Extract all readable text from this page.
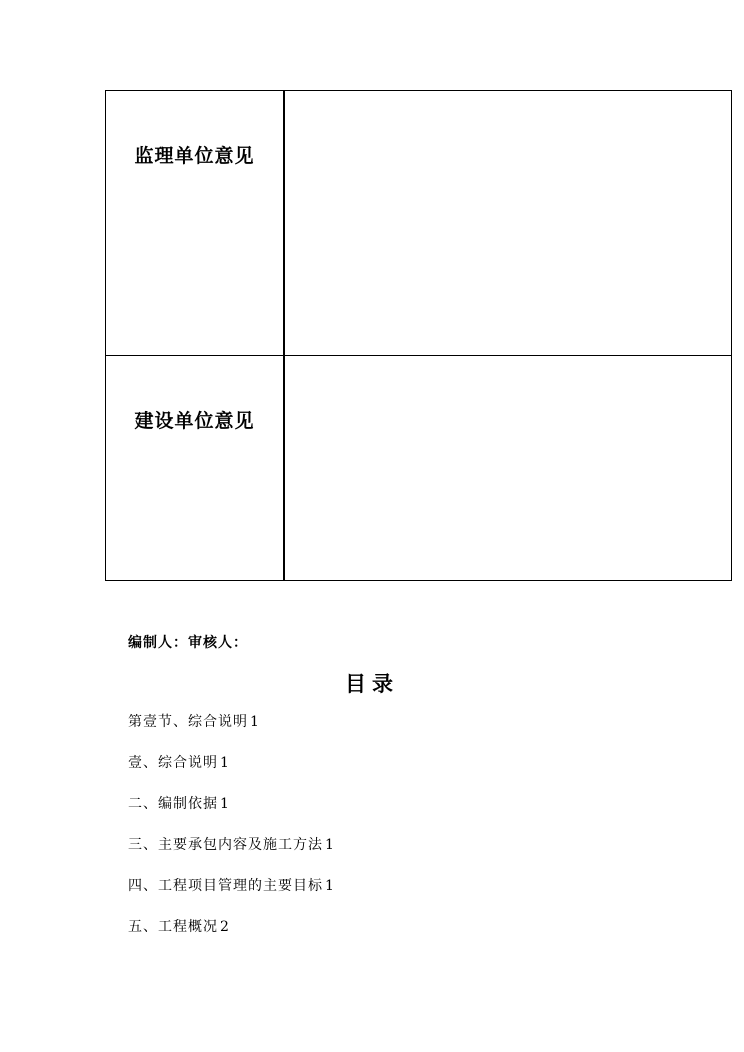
监理单位意见	

建设单位意见	

编制人：审核人：
目录
第壹节、综合说明 1
壹、综合说明 1
二、编制依据 1
三、主要承包内容及施工方法 1
四、工程项目管理的主要目标 1
五、工程概况 2
